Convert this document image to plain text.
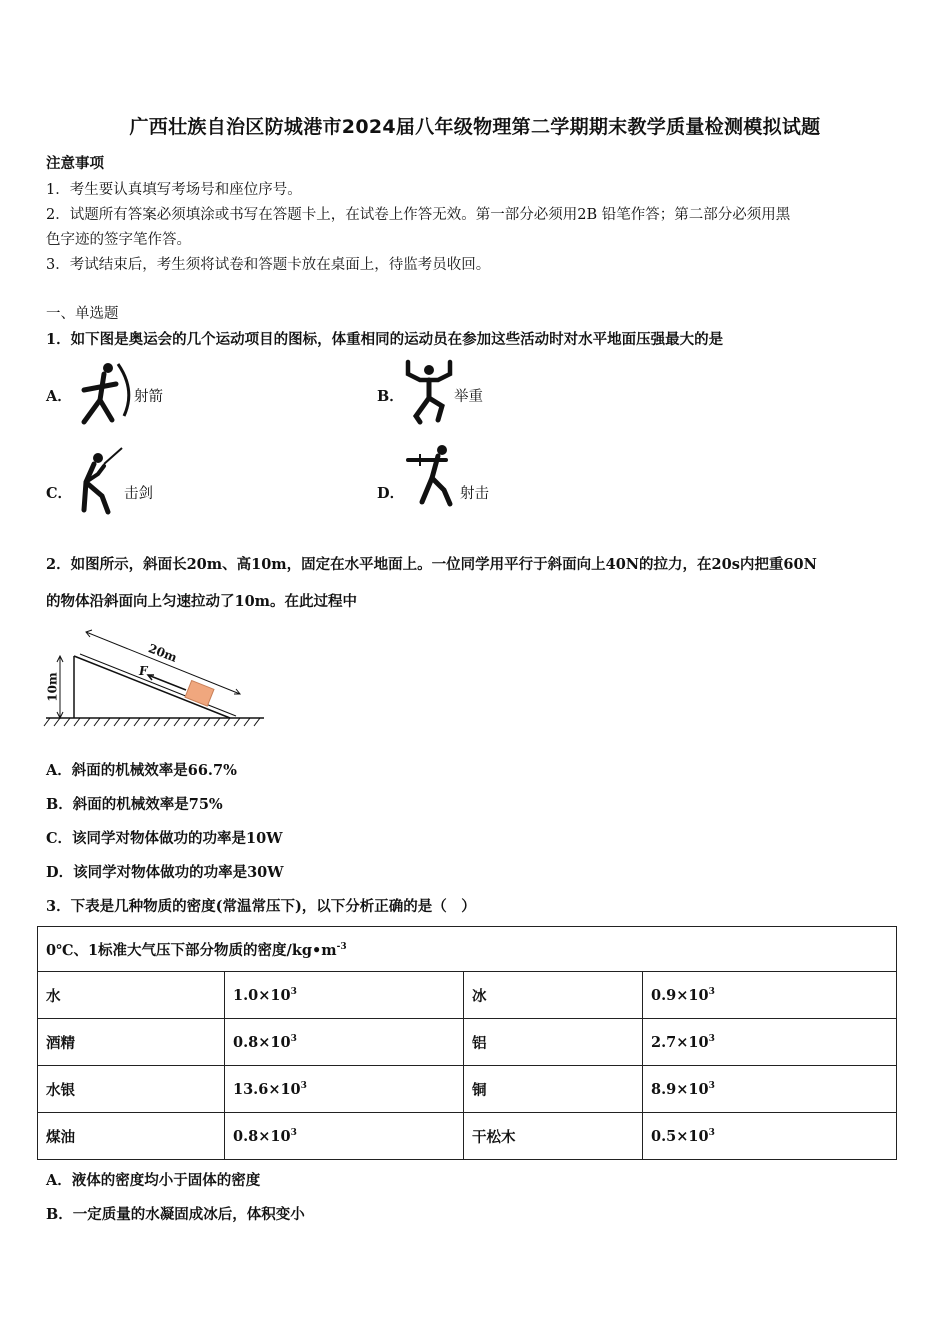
广西壮族自治区防城港市2024届八年级物理第二学期期末教学质量检测模拟试题
注意事项
1．考生要认真填写考场号和座位序号。
2．试题所有答案必须填涂或书写在答题卡上，在试卷上作答无效。第一部分必须用2B 铅笔作答；第二部分必须用黑
色字迹的签字笔作答。
3．考试结束后，考生须将试卷和答题卡放在桌面上，待监考员收回。
一、单选题
1．如下图是奥运会的几个运动项目的图标，体重相同的运动员在参加这些活动时对水平地面压强最大的是
A．	射箭	B．	举重
C．	击剑	D．	射击
2．如图所示，斜面长20m、高10m，固定在水平地面上。一位同学用平行于斜面向上40N的拉力，在20s内把重60N
的物体沿斜面向上匀速拉动了10m。在此过程中
20m
F
10m
A．斜面的机械效率是66.7%
B．斜面的机械效率是75%
C．该同学对物体做功的功率是10W
D．该同学对物体做功的功率是30W
3．下表是几种物质的密度(常温常压下)，以下分析正确的是（　）
0℃、1标准大气压下部分物质的密度$/kg•m^{-3}$
水	$1.0\times 10^3$	冰	$0.9\times 10^3$
酒精	$0.8\times 10^3$	铝	$2.7\times 10^3$
水银	$13.6\times 10^3$	铜	$8.9\times 10^3$
煤油	$0.8\times 10^3$	干松木	$0.5\times 10^3$
A．液体的密度均小于固体的密度
B．一定质量的水凝固成冰后，体积变小
